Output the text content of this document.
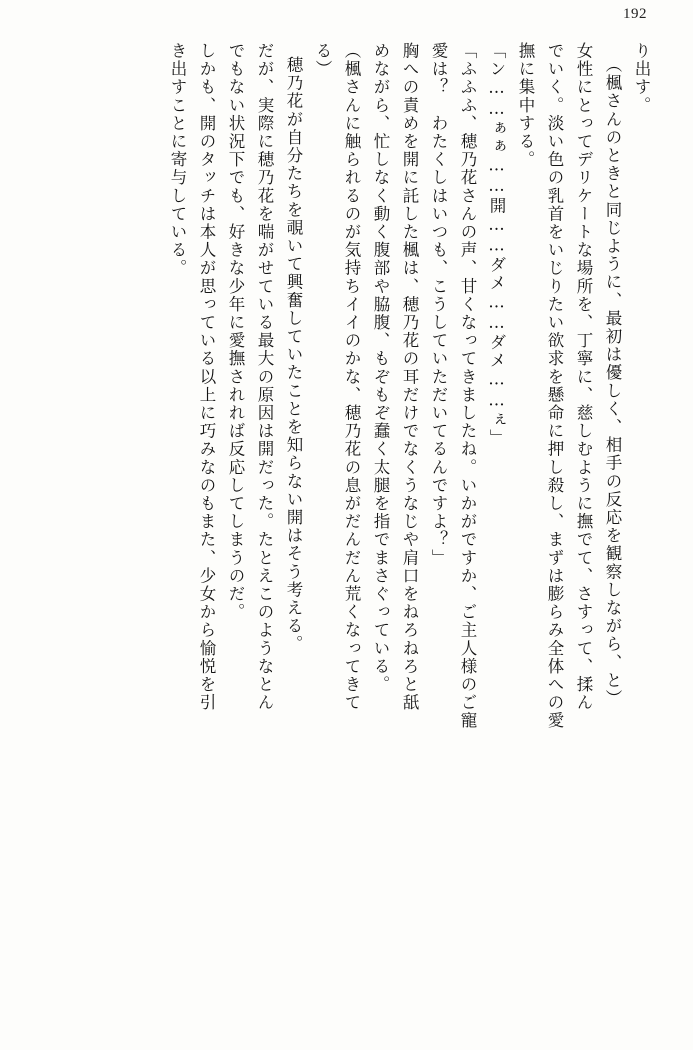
192
り出す。
（楓さんのときと同じように、最初は優しく、相手の反応を観察しながら、と）
女性にとってデリケートな場所を、丁寧に、慈しむように撫でて、さすって、揉ん
でいく。淡い色の乳首をいじりたい欲求を懸命に押し殺し、まずは膨らみ全体への愛
撫に集中する。
「ン……ぁぁ……開……ダメ……ダメ……ぇ」
「ふふふ、穂乃花さんの声、甘くなってきましたね。いかがですか、ご主人様のご寵
愛は？　わたくしはいつも、こうしていただいてるんですよ？」
胸への責めを開に託した楓は、穂乃花の耳だけでなくうなじや肩口をねろねろと舐
めながら、忙しなく動く腹部や脇腹、もぞもぞ蠢く太腿を指でまさぐっている。
（楓さんに触られるのが気持ちイイのかな、穂乃花の息がだんだん荒くなってきて
る）
穂乃花が自分たちを覗いて興奮していたことを知らない開はそう考える。
だが、実際に穂乃花を喘がせている最大の原因は開だった。たとえこのようなとん
でもない状況下でも、好きな少年に愛撫されれば反応してしまうのだ。
しかも、開のタッチは本人が思っている以上に巧みなのもまた、少女から愉悦を引
き出すことに寄与している。
